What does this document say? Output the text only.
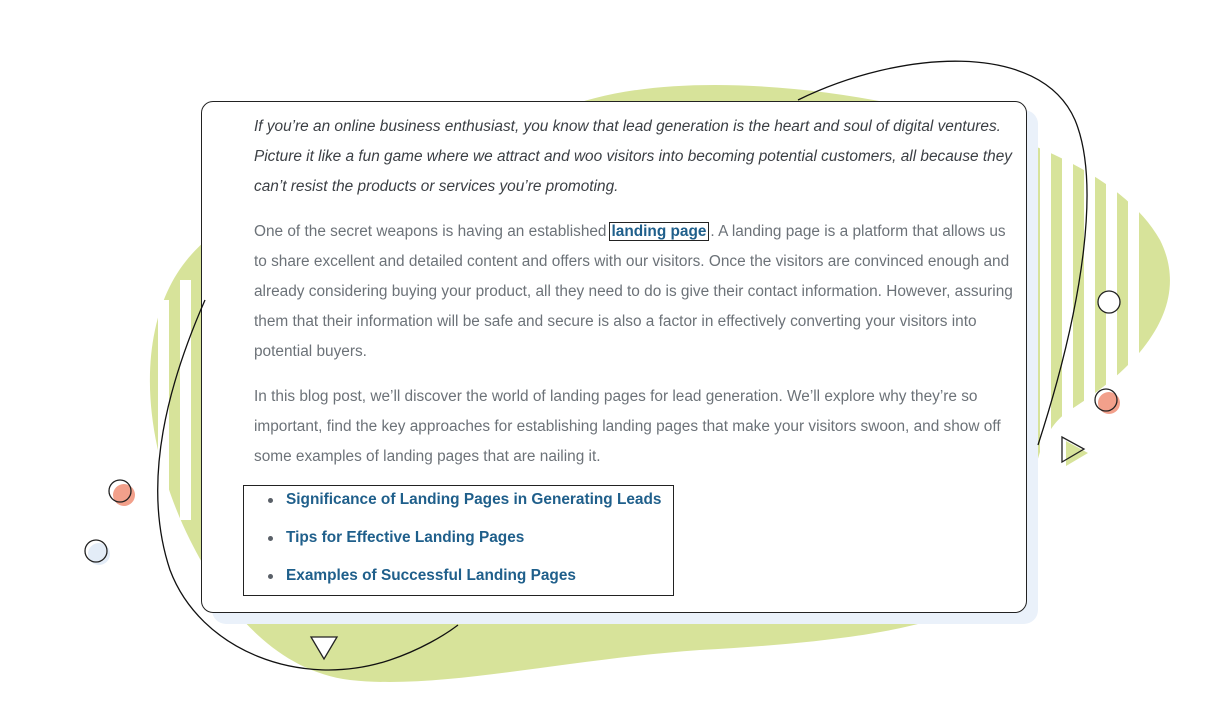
If you’re an online business enthusiast, you know that lead generation is the heart and soul of digital ventures. Picture it like a fun game where we attract and woo visitors into becoming potential customers, all because they can’t resist the products or services you’re promoting.

One of the secret weapons is having an established landing page . A landing page is a platform that allows us to share excellent and detailed content and offers with our visitors. Once the visitors are convinced enough and already considering buying your product, all they need to do is give their contact information. However, assuring them that their information will be safe and secure is also a factor in effectively converting your visitors into potential buyers.

In this blog post, we’ll discover the world of landing pages for lead generation. We’ll explore why they’re so important, find the key approaches for establishing landing pages that make your visitors swoon, and show off some examples of landing pages that are nailing it.

Significance of Landing Pages in Generating Leads
Tips for Effective Landing Pages
Examples of Successful Landing Pages
